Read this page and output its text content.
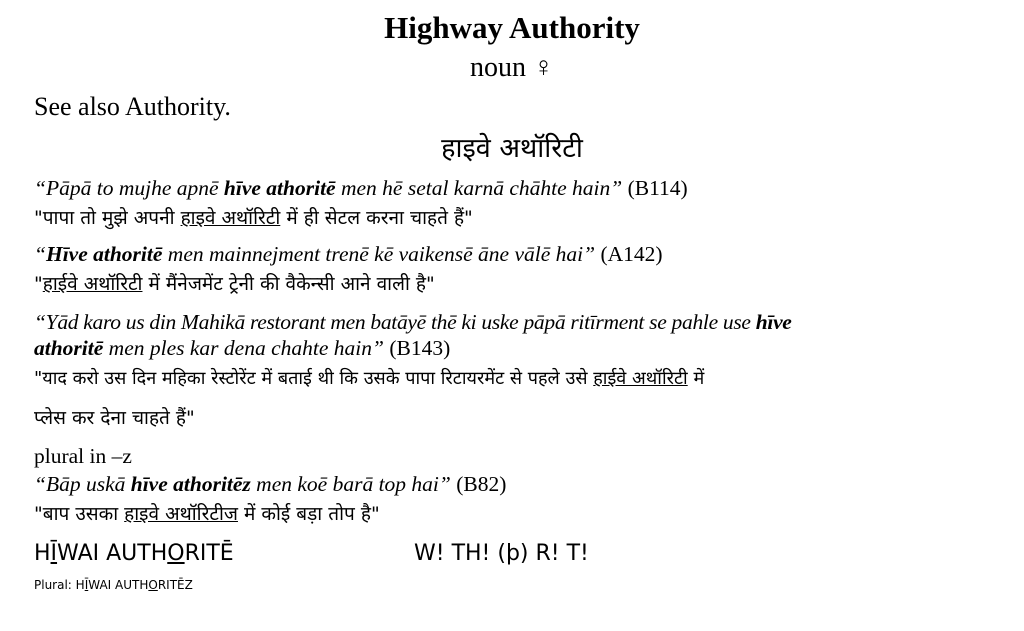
Highway Authority
noun ♀
See also Authority.
हाइवे अथॉरिटी
“Pāpā to mujhe apnē hīve athoritē men hē setal karnā chāhte hain” (B114)
"पापा तो मुझे अपनी हाइवे अथॉरिटी में ही सेटल करना चाहते हैं"
“Hīve athoritē men mainnejment trenē kē vaikensē āne vālē hai” (A142)
"हाईवे अथॉरिटी में मैंनेजमेंट ट्रेनी की वैकेन्सी आने वाली है"
“Yād karo us din Mahikā restorant men batāyē thē ki uske pāpā ritīrment se pahle use hīve
athoritē men ples kar dena chahte hain” (B143)
"याद करो उस दिन महिका रेस्टोरेंट में बताई थी कि उसके पापा रिटायरमेंट से पहले उसे हाईवे अथॉरिटी में
प्लेस कर देना चाहते हैं"
plural in –z
“Bāp uskā hīve athoritēz men koē barā top hai” (B82)
"बाप उसका हाइवे अथॉरिटीज में कोई बड़ा तोप है"
HĪWAI AUTHORITĒ	W! TH! (þ) R! T!
Plural: HĪWAI AUTHORITĒZ
